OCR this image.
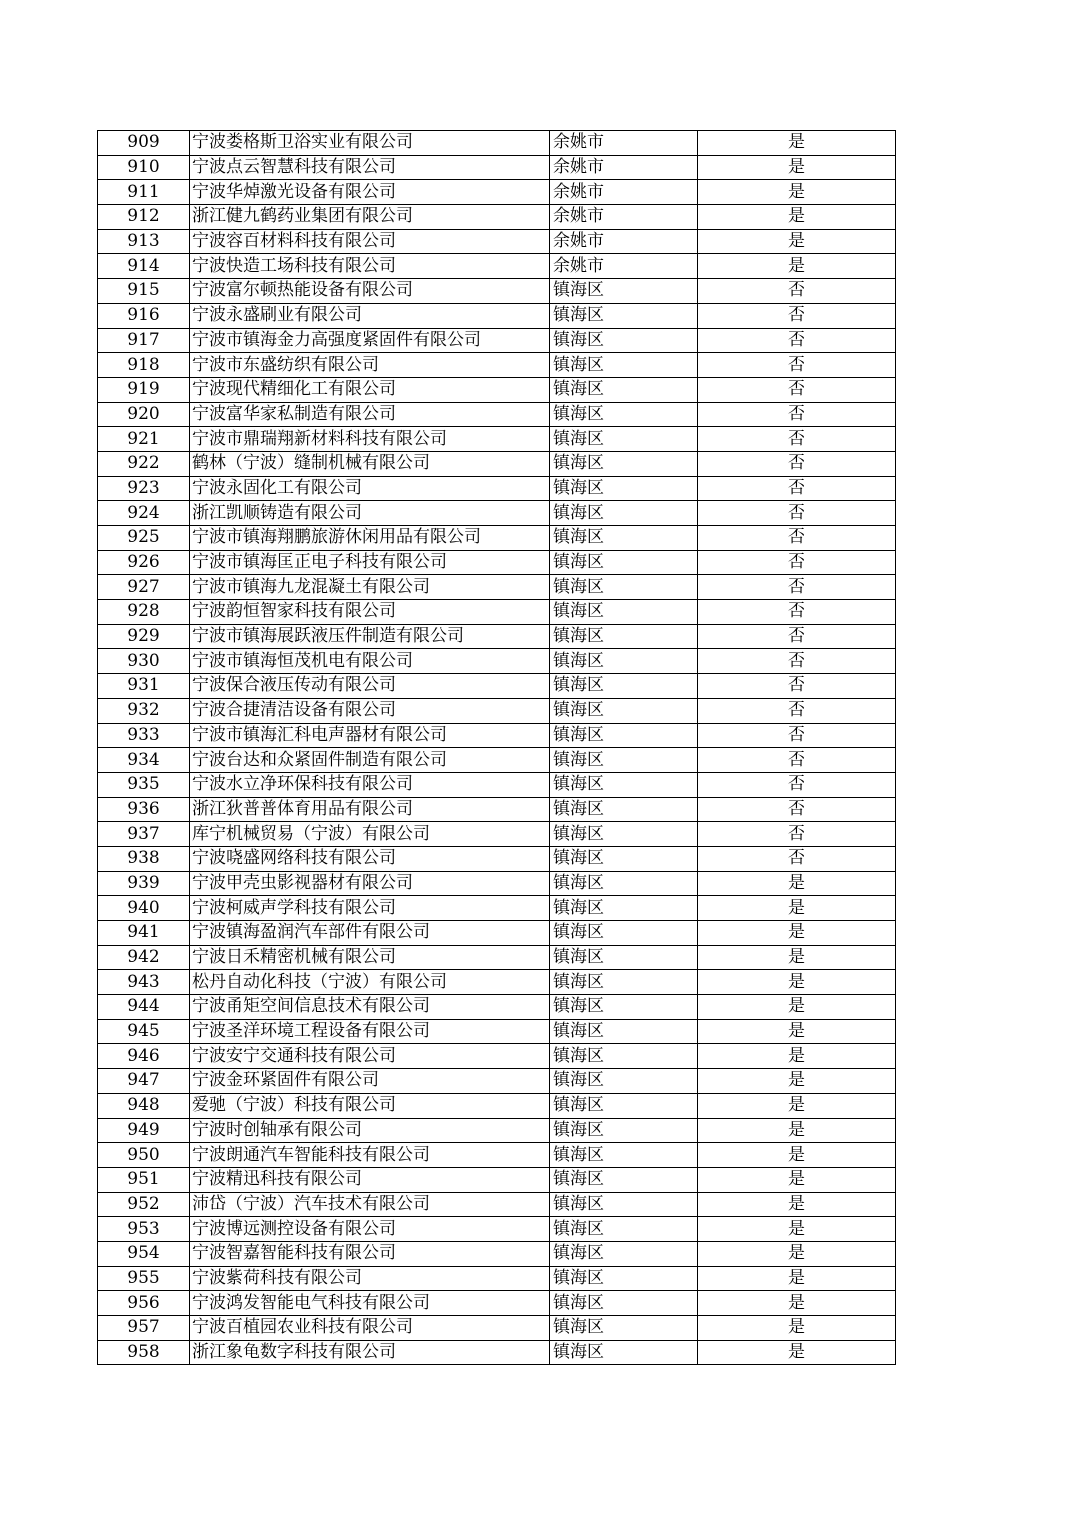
909	宁波娄格斯卫浴实业有限公司	余姚市	是
910	宁波点云智慧科技有限公司	余姚市	是
911	宁波华焯激光设备有限公司	余姚市	是
912	浙江健九鹤药业集团有限公司	余姚市	是
913	宁波容百材料科技有限公司	余姚市	是
914	宁波快造工场科技有限公司	余姚市	是
915	宁波富尔顿热能设备有限公司	镇海区	否
916	宁波永盛刷业有限公司	镇海区	否
917	宁波市镇海金力高强度紧固件有限公司	镇海区	否
918	宁波市东盛纺织有限公司	镇海区	否
919	宁波现代精细化工有限公司	镇海区	否
920	宁波富华家私制造有限公司	镇海区	否
921	宁波市鼎瑞翔新材料科技有限公司	镇海区	否
922	鹤林（宁波）缝制机械有限公司	镇海区	否
923	宁波永固化工有限公司	镇海区	否
924	浙江凯顺铸造有限公司	镇海区	否
925	宁波市镇海翔鹏旅游休闲用品有限公司	镇海区	否
926	宁波市镇海匡正电子科技有限公司	镇海区	否
927	宁波市镇海九龙混凝土有限公司	镇海区	否
928	宁波韵恒智家科技有限公司	镇海区	否
929	宁波市镇海展跃液压件制造有限公司	镇海区	否
930	宁波市镇海恒茂机电有限公司	镇海区	否
931	宁波保合液压传动有限公司	镇海区	否
932	宁波合捷清洁设备有限公司	镇海区	否
933	宁波市镇海汇科电声器材有限公司	镇海区	否
934	宁波台达和众紧固件制造有限公司	镇海区	否
935	宁波水立净环保科技有限公司	镇海区	否
936	浙江狄普普体育用品有限公司	镇海区	否
937	库宁机械贸易（宁波）有限公司	镇海区	否
938	宁波哓盛网络科技有限公司	镇海区	否
939	宁波甲壳虫影视器材有限公司	镇海区	是
940	宁波柯威声学科技有限公司	镇海区	是
941	宁波镇海盈润汽车部件有限公司	镇海区	是
942	宁波日禾精密机械有限公司	镇海区	是
943	松丹自动化科技（宁波）有限公司	镇海区	是
944	宁波甬矩空间信息技术有限公司	镇海区	是
945	宁波圣洋环境工程设备有限公司	镇海区	是
946	宁波安宁交通科技有限公司	镇海区	是
947	宁波金环紧固件有限公司	镇海区	是
948	爱驰（宁波）科技有限公司	镇海区	是
949	宁波时创轴承有限公司	镇海区	是
950	宁波朗通汽车智能科技有限公司	镇海区	是
951	宁波精迅科技有限公司	镇海区	是
952	沛岱（宁波）汽车技术有限公司	镇海区	是
953	宁波博远测控设备有限公司	镇海区	是
954	宁波智嘉智能科技有限公司	镇海区	是
955	宁波紫荷科技有限公司	镇海区	是
956	宁波鸿发智能电气科技有限公司	镇海区	是
957	宁波百植园农业科技有限公司	镇海区	是
958	浙江象龟数字科技有限公司	镇海区	是
